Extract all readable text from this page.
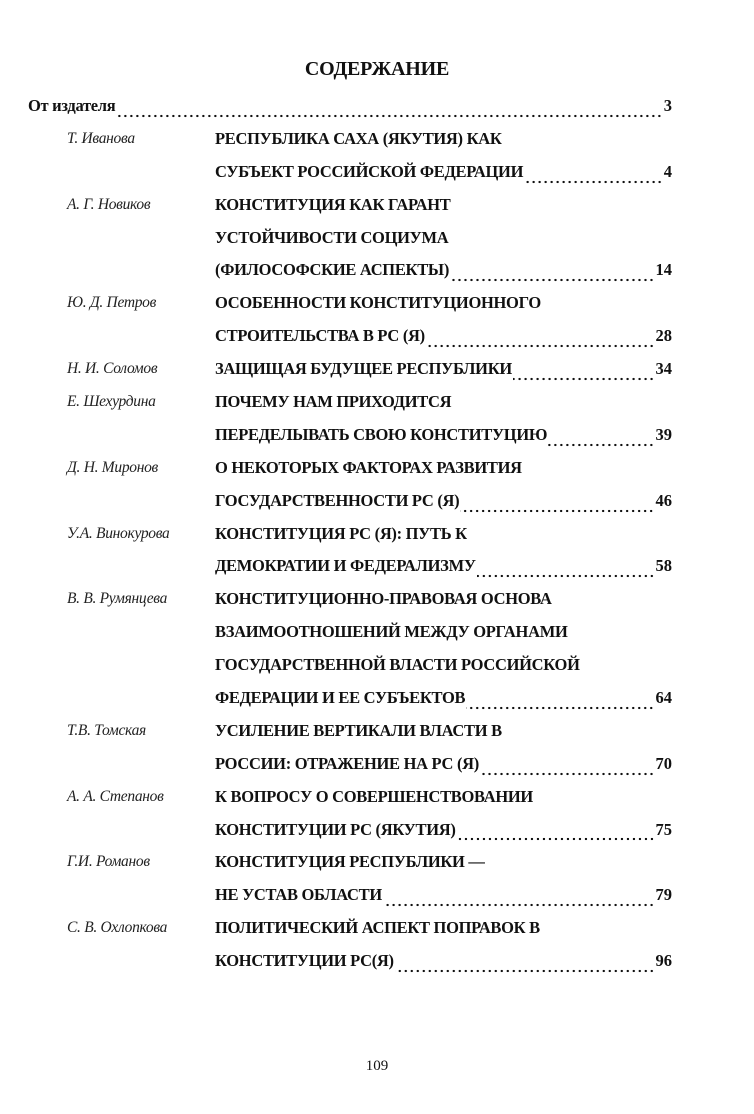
СОДЕРЖАНИЕ
От издателя	3
Т. Иванова	РЕСПУБЛИКА САХА (ЯКУТИЯ) КАК
СУБЪЕКТ РОССИЙСКОЙ ФЕДЕРАЦИИ	4
А. Г. Новиков	КОНСТИТУЦИЯ КАК ГАРАНТ
УСТОЙЧИВОСТИ СОЦИУМА
(ФИЛОСОФСКИЕ АСПЕКТЫ)	14
Ю. Д. Петров	ОСОБЕННОСТИ КОНСТИТУЦИОННОГО
СТРОИТЕЛЬСТВА В РС (Я)	28
Н. И. Соломов	ЗАЩИЩАЯ БУДУЩЕЕ РЕСПУБЛИКИ	34
Е. Шехурдина	ПОЧЕМУ НАМ ПРИХОДИТСЯ
ПЕРЕДЕЛЫВАТЬ СВОЮ КОНСТИТУЦИЮ	39
Д. Н. Миронов	О НЕКОТОРЫХ ФАКТОРАХ РАЗВИТИЯ
ГОСУДАРСТВЕННОСТИ РС (Я)	46
У.А. Винокурова	КОНСТИТУЦИЯ РС (Я): ПУТЬ К
ДЕМОКРАТИИ И ФЕДЕРАЛИЗМУ	58
В. В. Румянцева	КОНСТИТУЦИОННО-ПРАВОВАЯ ОСНОВА
ВЗАИМООТНОШЕНИЙ МЕЖДУ ОРГАНАМИ
ГОСУДАРСТВЕННОЙ ВЛАСТИ РОССИЙСКОЙ
ФЕДЕРАЦИИ И ЕЕ СУБЪЕКТОВ	64
Т.В. Томская	УСИЛЕНИЕ ВЕРТИКАЛИ ВЛАСТИ В
РОССИИ: ОТРАЖЕНИЕ НА РС (Я)	70
А. А. Степанов	К ВОПРОСУ О СОВЕРШЕНСТВОВАНИИ
КОНСТИТУЦИИ РС (ЯКУТИЯ)	75
Г.И. Романов	КОНСТИТУЦИЯ РЕСПУБЛИКИ —
НЕ УСТАВ ОБЛАСТИ	79
С. В. Охлопкова	ПОЛИТИЧЕСКИЙ АСПЕКТ ПОПРАВОК В
КОНСТИТУЦИИ РС(Я)	96
109
